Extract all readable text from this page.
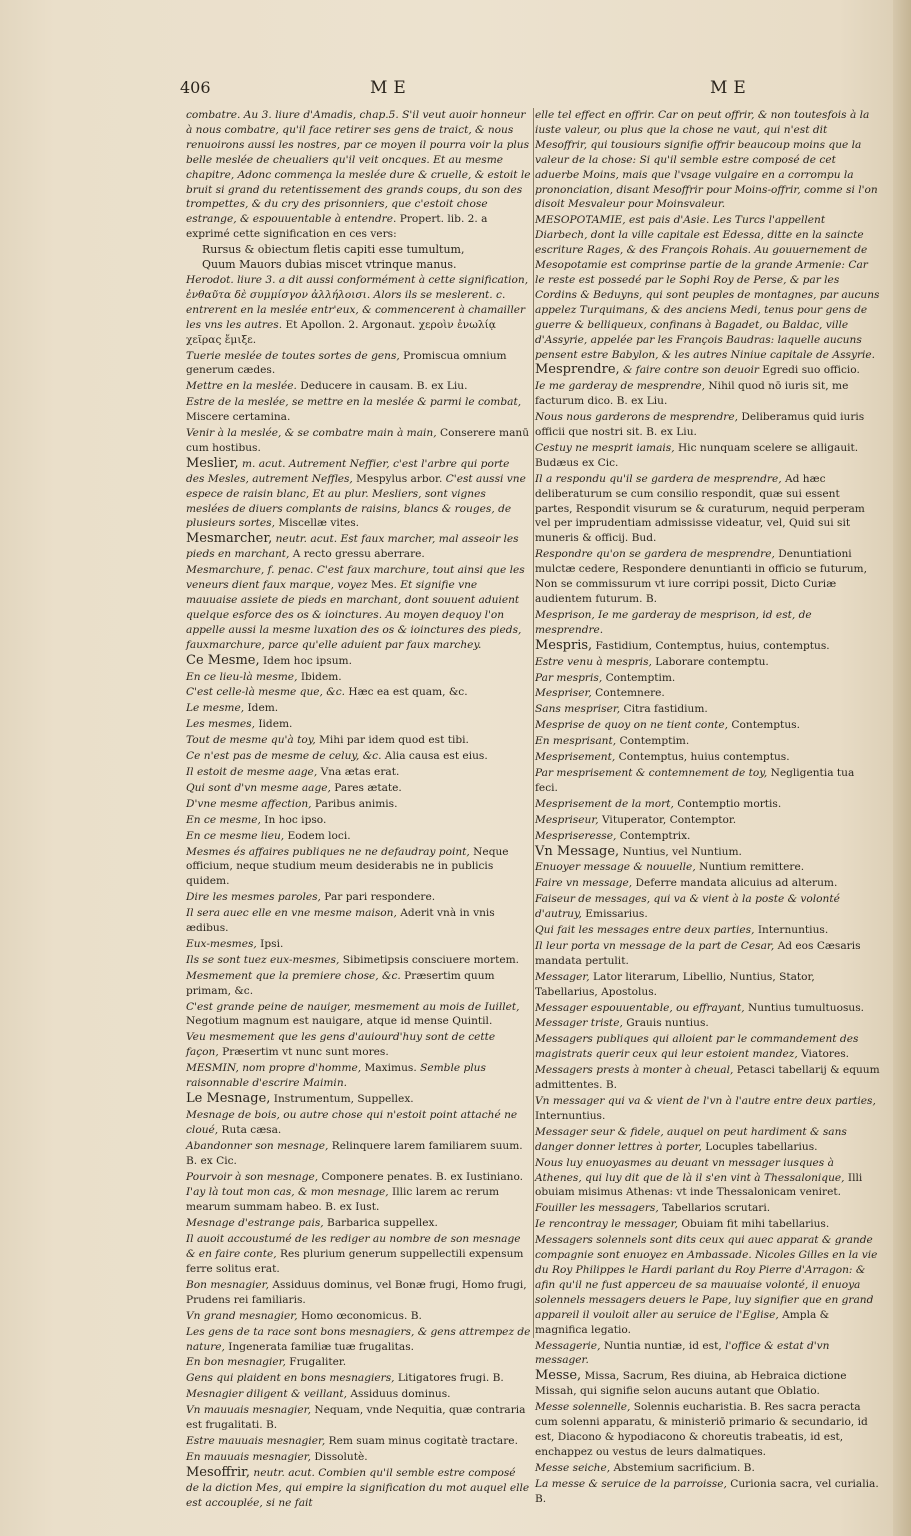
406	ME	ME
combatre. Au 3. liure d'Amadis, chap.5. S'il veut auoir honneur à nous combatre, qu'il face retirer ses gens de traict, & nous renuoirons aussi les nostres, par ce moyen il pourra voir la plus belle meslée de cheualiers qu'il veit oncques. Et au mesme chapitre, Adonc commença la meslée dure & cruelle, & estoit le bruit si grand du retentissement des grands coups, du son des trompettes, & du cry des prisonniers, que c'estoit chose estrange, & espouuentable à entendre. Propert. lib. 2. a exprimé cette signification en ces vers:
Rursus & obiectum fletis capiti esse tumultum,
Quum Mauors dubias miscet vtrinque manus.
Herodot. liure 3. a dit aussi conformément à cette signification, ἐνθαῦτα δὲ συμμίσγον ἀλλήλοισι. Alors ils se meslerent. c. entrerent en la meslée entr'eux, & commencerent à chamailler les vns les autres. Et Apollon. 2. Argonaut. χεροὶν ἐνωλίᾳ χεῖρας ἔμιξε.
Tuerie meslée de toutes sortes de gens, Promiscua omnium generum cædes.
Mettre en la meslée. Deducere in causam. B. ex Liu.
Estre de la meslée, se mettre en la meslée & parmi le combat, Miscere certamina.
Venir à la meslée, & se combatre main à main, Conserere manū cum hostibus.
Meslier, m. acut. Autrement Neffier, c'est l'arbre qui porte des Mesles, autrement Neffles, Mespylus arbor. C'est aussi vne espece de raisin blanc, Et au plur. Mesliers, sont vignes meslées de diuers complants de raisins, blancs & rouges, de plusieurs sortes, Miscellæ vites.
Mesmarcher, neutr. acut. Est faux marcher, mal asseoir les pieds en marchant, A recto gressu aberrare.
Mesmarchure, f. penac. C'est faux marchure, tout ainsi que les veneurs dient faux marque, voyez Mes. Et signifie vne mauuaise assiete de pieds en marchant, dont souuent aduient quelque esforce des os & ioinctures. Au moyen dequoy l'on appelle aussi la mesme luxation des os & ioinctures des pieds, fauxmarchure, parce qu'elle aduient par faux marchey.
Ce Mesme, Idem hoc ipsum.
En ce lieu-là mesme, Ibidem.
C'est celle-là mesme que, &c. Hæc ea est quam, &c.
Le mesme, Idem.
Les mesmes, Iidem.
Tout de mesme qu'à toy, Mihi par idem quod est tibi.
Ce n'est pas de mesme de celuy, &c. Alia causa est eius.
Il estoit de mesme aage, Vna ætas erat.
Qui sont d'vn mesme aage, Pares ætate.
D'vne mesme affection, Paribus animis.
En ce mesme, In hoc ipso.
En ce mesme lieu, Eodem loci.
Mesmes és affaires publiques ne ne defaudray point, Neque officium, neque studium meum desiderabis ne in publicis quidem.
Dire les mesmes paroles, Par pari respondere.
Il sera auec elle en vne mesme maison, Aderit vnà in vnis ædibus.
Eux-mesmes, Ipsi.
Ils se sont tuez eux-mesmes, Sibimetipsis consciuere mortem.
Mesmement que la premiere chose, &c. Præsertim quum primam, &c.
C'est grande peine de nauiger, mesmement au mois de Iuillet, Negotium magnum est nauigare, atque id mense Quintil.
Veu mesmement que les gens d'auiourd'huy sont de cette façon, Præsertim vt nunc sunt mores.
MESMIN, nom propre d'homme, Maximus. Semble plus raisonnable d'escrire Maimin.
Le Mesnage, Instrumentum, Suppellex.
Mesnage de bois, ou autre chose qui n'estoit point attaché ne cloué, Ruta cæsa.
Abandonner son mesnage, Relinquere larem familiarem suum. B. ex Cic.
Pourvoir à son mesnage, Componere penates. B. ex Iustiniano.
I'ay là tout mon cas, & mon mesnage, Illic larem ac rerum mearum summam habeo. B. ex Iust.
Mesnage d'estrange pais, Barbarica suppellex.
Il auoit accoustumé de les rediger au nombre de son mesnage & en faire conte, Res plurium generum suppellectili expensum ferre solitus erat.
Bon mesnagier, Assiduus dominus, vel Bonæ frugi, Homo frugi, Prudens rei familiaris.
Vn grand mesnagier, Homo œconomicus. B.
Les gens de ta race sont bons mesnagiers, & gens attrempez de nature, Ingenerata familiæ tuæ frugalitas.
En bon mesnagier, Frugaliter.
Gens qui plaident en bons mesnagiers, Litigatores frugi. B.
Mesnagier diligent & veillant, Assiduus dominus.
Vn mauuais mesnagier, Nequam, vnde Nequitia, quæ contraria est frugalitati. B.
Estre mauuais mesnagier, Rem suam minus cogitatè tractare.
En mauuais mesnagier, Dissolutè.
Mesoffrir, neutr. acut. Combien qu'il semble estre composé de la diction Mes, qui empire la signification du mot auquel elle est accouplée, si ne fait
elle tel effect en offrir. Car on peut offrir, & non toutesfois à la iuste valeur, ou plus que la chose ne vaut, qui n'est dit Mesoffrir, qui tousiours signifie offrir beaucoup moins que la valeur de la chose: Si qu'il semble estre composé de cet aduerbe Moins, mais que l'vsage vulgaire en a corrompu la prononciation, disant Mesoffrir pour Moins-offrir, comme si l'on disoit Mesvaleur pour Moinsvaleur.
MESOPOTAMIE, est pais d'Asie. Les Turcs l'appellent Diarbech, dont la ville capitale est Edessa, ditte en la saincte escriture Rages, & des François Rohais. Au gouuernement de Mesopotamie est comprinse partie de la grande Armenie: Car le reste est possedé par le Sophi Roy de Perse, & par les Cordins & Beduyns, qui sont peuples de montagnes, par aucuns appelez Turquimans, & des anciens Medi, tenus pour gens de guerre & belliqueux, confinans à Bagadet, ou Baldac, ville d'Assyrie, appelée par les François Baudras: laquelle aucuns pensent estre Babylon, & les autres Niniue capitale de Assyrie.
Mesprendre, & faire contre son deuoir Egredi suo officio.
Ie me garderay de mesprendre, Nihil quod nō iuris sit, me facturum dico. B. ex Liu.
Nous nous garderons de mesprendre, Deliberamus quid iuris officii que nostri sit. B. ex Liu.
Cestuy ne mesprit iamais, Hic nunquam scelere se alligauit. Budæus ex Cic.
Il a respondu qu'il se gardera de mesprendre, Ad hæc deliberaturum se cum consilio respondit, quæ sui essent partes, Respondit visurum se & curaturum, nequid perperam vel per imprudentiam admississe videatur, vel, Quid sui sit muneris & officij. Bud.
Respondre qu'on se gardera de mesprendre, Denuntiationi mulctæ cedere, Respondere denuntianti in officio se futurum, Non se commissurum vt iure corripi possit, Dicto Curiæ audientem futurum. B.
Mesprison, Ie me garderay de mesprison, id est, de mesprendre.
Mespris, Fastidium, Contemptus, huius, contemptus.
Estre venu à mespris, Laborare contemptu.
Par mespris, Contemptim.
Mespriser, Contemnere.
Sans mespriser, Citra fastidium.
Mesprise de quoy on ne tient conte, Contemptus.
En mesprisant, Contemptim.
Mesprisement, Contemptus, huius contemptus.
Par mesprisement & contemnement de toy, Negligentia tua feci.
Mesprisement de la mort, Contemptio mortis.
Mespriseur, Vituperator, Contemptor.
Mespriseresse, Contemptrix.
Vn Message, Nuntius, vel Nuntium.
Enuoyer message & nouuelle, Nuntium remittere.
Faire vn message, Deferre mandata alicuius ad alterum.
Faiseur de messages, qui va & vient à la poste & volonté d'autruy, Emissarius.
Qui fait les messages entre deux parties, Internuntius.
Il leur porta vn message de la part de Cesar, Ad eos Cæsaris mandata pertulit.
Messager, Lator literarum, Libellio, Nuntius, Stator, Tabellarius, Apostolus.
Messager espouuentable, ou effrayant, Nuntius tumultuosus.
Messager triste, Grauis nuntius.
Messagers publiques qui alloient par le commandement des magistrats querir ceux qui leur estoient mandez, Viatores.
Messagers prests à monter à cheual, Petasci tabellarij & equum admittentes. B.
Vn messager qui va & vient de l'vn à l'autre entre deux parties, Internuntius.
Messager seur & fidele, auquel on peut hardiment & sans danger donner lettres à porter, Locuples tabellarius.
Nous luy enuoyasmes au deuant vn messager iusques à Athenes, qui luy dit que de là il s'en vint à Thessalonique, Illi obuiam misimus Athenas: vt inde Thessalonicam veniret.
Fouiller les messagers, Tabellarios scrutari.
Ie rencontray le messager, Obuiam fit mihi tabellarius.
Messagers solennels sont dits ceux qui auec apparat & grande compagnie sont enuoyez en Ambassade. Nicoles Gilles en la vie du Roy Philippes le Hardi parlant du Roy Pierre d'Arragon: & afin qu'il ne fust apperceu de sa mauuaise volonté, il enuoya solennels messagers deuers le Pape, luy signifier que en grand appareil il vouloit aller au seruice de l'Eglise, Ampla & magnifica legatio.
Messagerie, Nuntia nuntiæ, id est, l'office & estat d'vn messager.
Messe, Missa, Sacrum, Res diuina, ab Hebraica dictione Missah, qui signifie selon aucuns autant que Oblatio.
Messe solennelle, Solennis eucharistia. B. Res sacra peracta cum solenni apparatu, & ministeriō primario & secundario, id est, Diacono & hypodiacono & choreutis trabeatis, id est, enchappez ou vestus de leurs dalmatiques.
Messe seiche, Abstemium sacrificium. B.
La messe & seruice de la parroisse, Curionia sacra, vel curialia. B.
